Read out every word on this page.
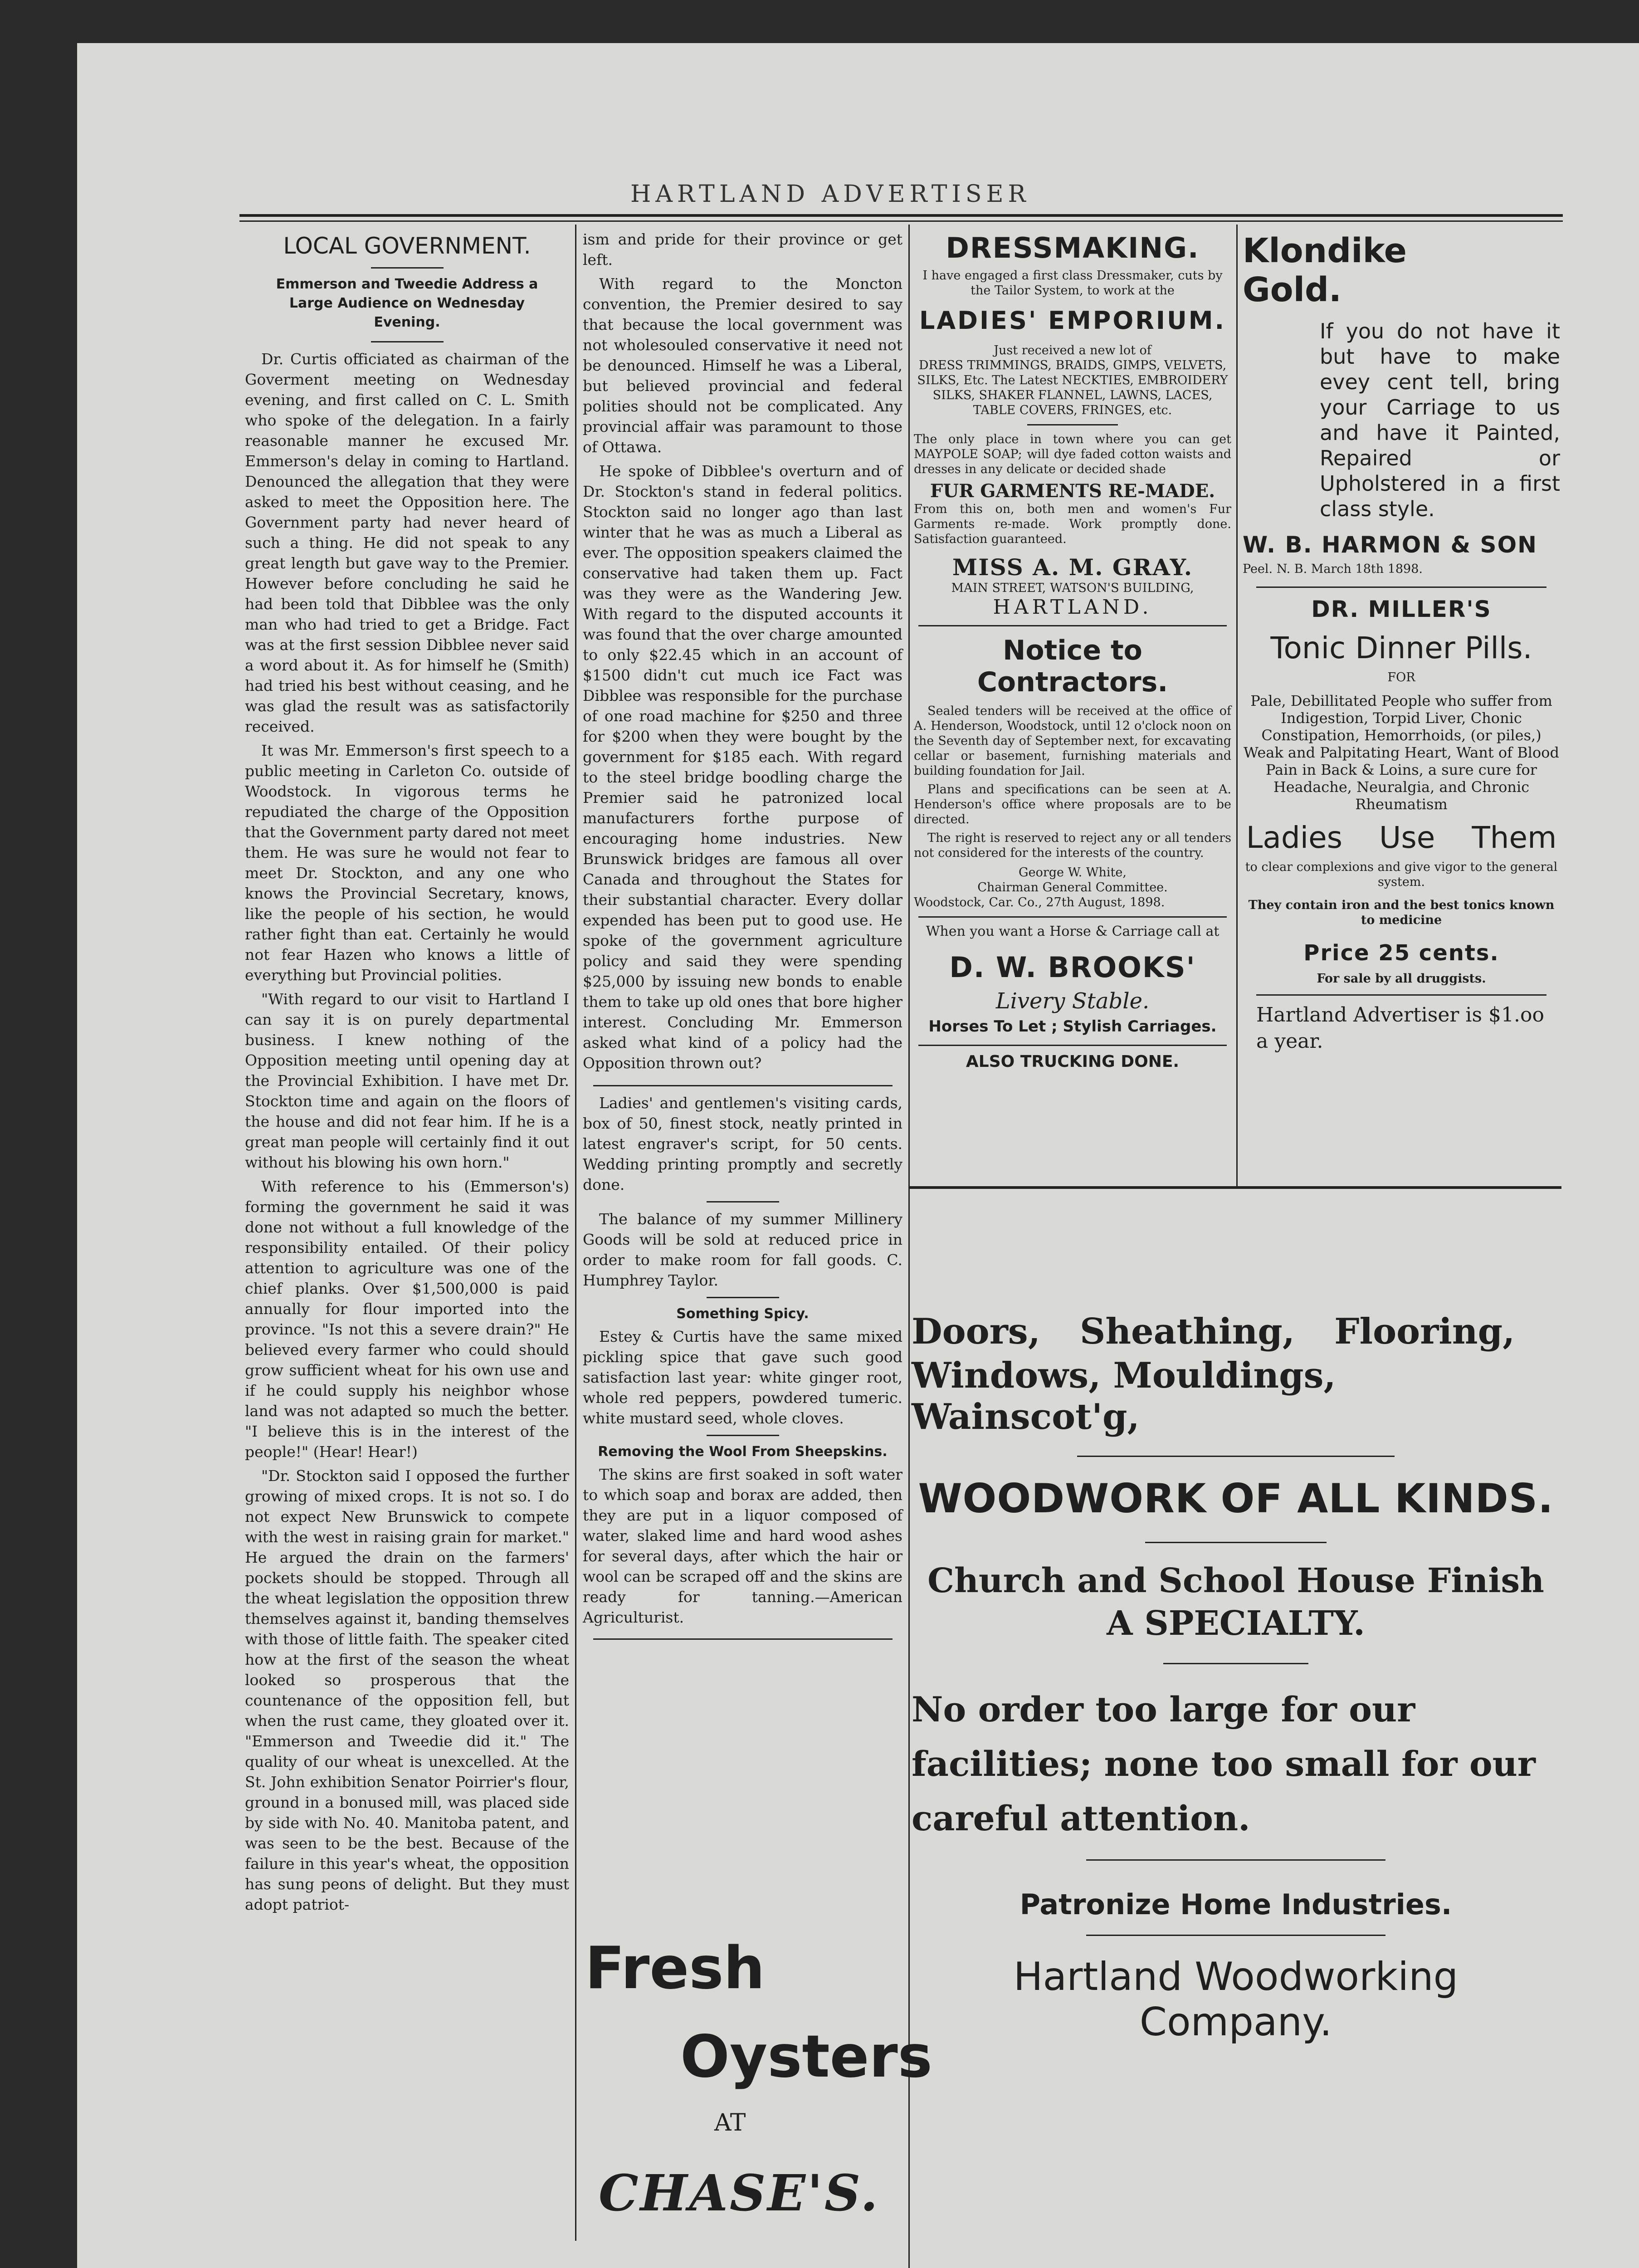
HARTLAND ADVERTISER
LOCAL GOVERNMENT.
Emmerson and Tweedie Address a Large Audience on Wednesday Evening.

Dr. Curtis officiated as chairman of the Goverment meeting on Wednesday evening, and first called on C. L. Smith who spoke of the delegation. In a fairly reasonable manner he excused Mr. Emmerson's delay in coming to Hartland. Denounced the allegation that they were asked to meet the Opposition here. The Government party had never heard of such a thing. He did not speak to any great length but gave way to the Premier. However before concluding he said he had been told that Dibblee was the only man who had tried to get a Bridge. Fact was at the first session Dibblee never said a word about it. As for himself he (Smith) had tried his best without ceasing, and he was glad the result was as satisfactorily received.

It was Mr. Emmerson's first speech to a public meeting in Carleton Co. outside of Woodstock. In vigorous terms he repudiated the charge of the Opposition that the Government party dared not meet them. He was sure he would not fear to meet Dr. Stockton, and any one who knows the Provincial Secretary, knows, like the people of his section, he would rather fight than eat. Certainly he would not fear Hazen who knows a little of everything but Provincial polities.

"With regard to our visit to Hartland I can say it is on purely departmental business. I knew nothing of the Opposition meeting until opening day at the Provincial Exhibition. I have met Dr. Stockton time and again on the floors of the house and did not fear him. If he is a great man people will certainly find it out without his blowing his own horn."

With reference to his (Emmerson's) forming the government he said it was done not without a full knowledge of the responsibility entailed. Of their policy attention to agriculture was one of the chief planks. Over $1,500,000 is paid annually for flour imported into the province. "Is not this a severe drain?" He believed every farmer who could should grow sufficient wheat for his own use and if he could supply his neighbor whose land was not adapted so much the better. "I believe this is in the interest of the people!" (Hear! Hear!)

"Dr. Stockton said I opposed the further growing of mixed crops. It is not so. I do not expect New Brunswick to compete with the west in raising grain for market." He argued the drain on the farmers' pockets should be stopped. Through all the wheat legislation the opposition threw themselves against it, banding themselves with those of little faith. The speaker cited how at the first of the season the wheat looked so prosperous that the countenance of the opposition fell, but when the rust came, they gloated over it. "Emmerson and Tweedie did it." The quality of our wheat is unexcelled. At the St. John exhibition Senator Poirrier's flour, ground in a bonused mill, was placed side by side with No. 40. Manitoba patent, and was seen to be the best. Because of the failure in this year's wheat, the opposition has sung peons of delight. But they must adopt patriot-

ism and pride for their province or get left.

With regard to the Moncton convention, the Premier desired to say that because the local government was not wholesouled conservative it need not be denounced. Himself he was a Liberal, but believed provincial and federal polities should not be complicated. Any provincial affair was paramount to those of Ottawa.

He spoke of Dibblee's overturn and of Dr. Stockton's stand in federal politics. Stockton said no longer ago than last winter that he was as much a Liberal as ever. The opposition speakers claimed the conservative had taken them up. Fact was they were as the Wandering Jew. With regard to the disputed accounts it was found that the over charge amounted to only $22.45 which in an account of $1500 didn't cut much ice Fact was Dibblee was responsible for the purchase of one road machine for $250 and three for $200 when they were bought by the government for $185 each. With regard to the steel bridge boodling charge the Premier said he patronized local manufacturers forthe purpose of encouraging home industries. New Brunswick bridges are famous all over Canada and throughout the States for their substantial character. Every dollar expended has been put to good use. He spoke of the government agriculture policy and said they were spending $25,000 by issuing new bonds to enable them to take up old ones that bore higher interest. Concluding Mr. Emmerson asked what kind of a policy had the Opposition thrown out?

Ladies' and gentlemen's visiting cards, box of 50, finest stock, neatly printed in latest engraver's script, for 50 cents. Wedding printing promptly and secretly done.

The balance of my summer Millinery Goods will be sold at reduced price in order to make room for fall goods. C. Humphrey Taylor.

Something Spicy.

Estey & Curtis have the same mixed pickling spice that gave such good satisfaction last year: white ginger root, whole red peppers, powdered tumeric. white mustard seed, whole cloves.

Removing the Wool From Sheepskins.

The skins are first soaked in soft water to which soap and borax are added, then they are put in a liquor composed of water, slaked lime and hard wood ashes for several days, after which the hair or wool can be scraped off and the skins are ready for tanning.—American Agriculturist.

Fresh
Oysters
AT
CHASE'S.
DRESSMAKING.
I have engaged a first class Dressmaker, cuts by the Tailor System, to work at the
LADIES' EMPORIUM.
Just received a new lot of
DRESS TRIMMINGS, BRAIDS, GIMPS, VELVETS, SILKS, Etc. The Latest NECKTIES, EMBROIDERY SILKS, SHAKER FLANNEL, LAWNS, LACES, TABLE COVERS, FRINGES, etc.
The only place in town where you can get MAYPOLE SOAP; will dye faded cotton waists and dresses in any delicate or decided shade
FUR GARMENTS RE-MADE.
From this on, both men and women's Fur Garments re-made. Work promptly done. Satisfaction guaranteed.
MISS A. M. GRAY.
MAIN STREET, WATSON'S BUILDING,
HARTLAND.
Notice to Contractors.
Sealed tenders will be received at the office of A. Henderson, Woodstock, until 12 o'clock noon on the Seventh day of September next, for excavating cellar or basement, furnishing materials and building foundation for Jail.
Plans and specifications can be seen at A. Henderson's office where proposals are to be directed.
The right is reserved to reject any or all tenders not considered for the interests of the country.
George W. White,
Chairman General Committee.
Woodstock, Car. Co., 27th August, 1898.
When you want a Horse & Carriage call at
D. W. BROOKS'
Livery Stable.
Horses To Let ; Stylish Carriages.
ALSO TRUCKING DONE.
Klondike Gold.
If you do not have it but have to make evey cent tell, bring your Carriage to us and have it Painted, Repaired or Upholstered in a first class style.
W. B. HARMON & SON
Peel. N. B. March 18th 1898.
DR. MILLER'S
Tonic Dinner Pills.
FOR
Pale, Debillitated People who suffer from Indigestion, Torpid Liver, Chonic Constipation, Hemorrhoids, (or piles,) Weak and Palpitating Heart, Want of Blood Pain in Back & Loins, a sure cure for Headache, Neuralgia, and Chronic Rheumatism
Ladies Use Them
to clear complexions and give vigor to the general system.
They contain iron and the best tonics known to medicine
Price 25 cents.
For sale by all druggists.
Hartland Advertiser is $1.oo a year.
Doors, Sheathing, Flooring,
Windows, Mouldings, Wainscot'g,
WOODWORK OF ALL KINDS.
Church and School House Finish
A SPECIALTY.
No order too large for our facilities; none too small for our careful attention.
Patronize Home Industries.
Hartland Woodworking Company.
